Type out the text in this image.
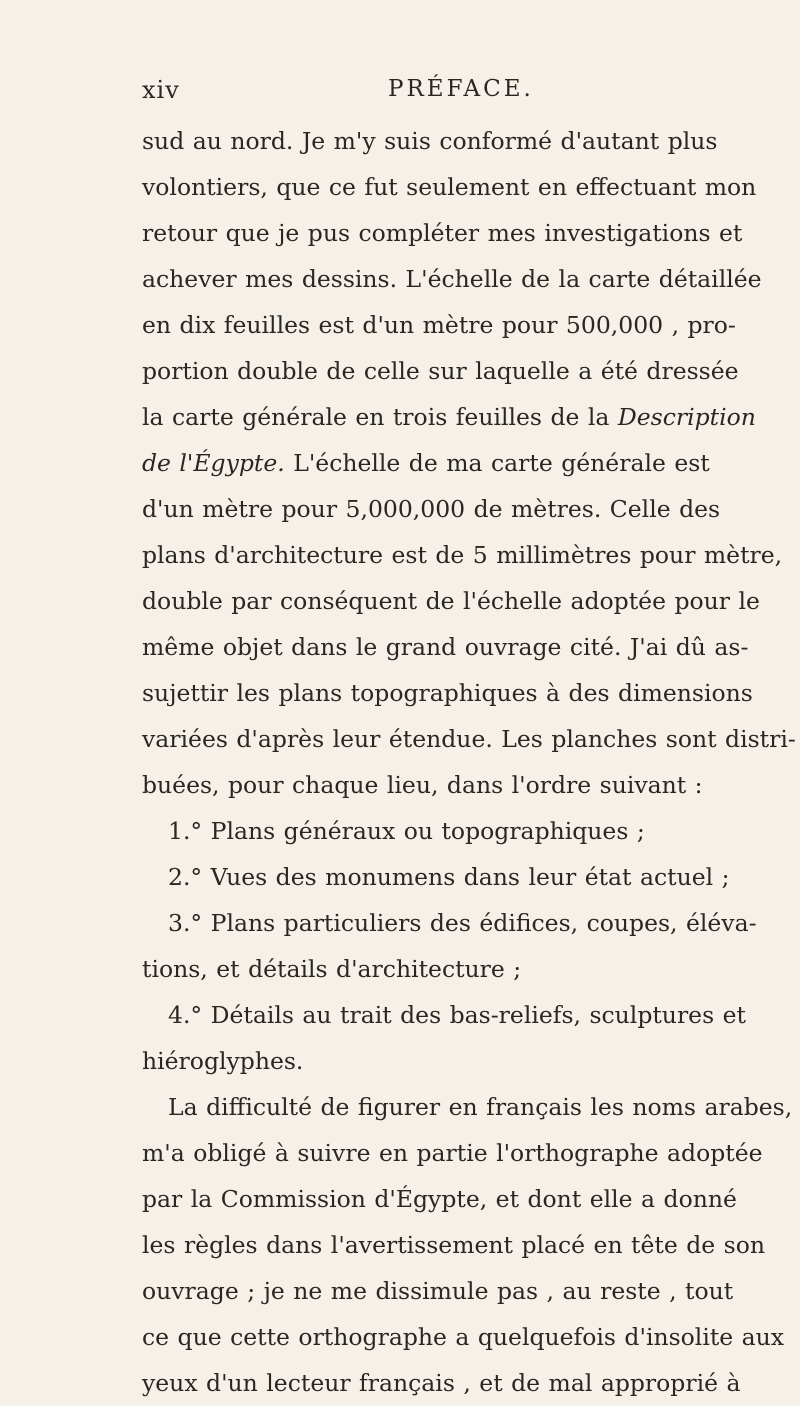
xiv	PRÉFACE.
sud au nord. Je m'y suis conformé d'autant plus
volontiers, que ce fut seulement en effectuant mon
retour que je pus compléter mes investigations et
achever mes dessins. L'échelle de la carte détaillée
en dix feuilles est d'un mètre pour 500,000 , pro-
portion double de celle sur laquelle a été dressée
la carte générale en trois feuilles de la Description
de l'Égypte. L'échelle de ma carte générale est
d'un mètre pour 5,000,000 de mètres. Celle des
plans d'architecture est de 5 millimètres pour mètre,
double par conséquent de l'échelle adoptée pour le
même objet dans le grand ouvrage cité. J'ai dû as-
sujettir les plans topographiques à des dimensions
variées d'après leur étendue. Les planches sont distri-
buées, pour chaque lieu, dans l'ordre suivant :
1.° Plans généraux ou topographiques ;
2.° Vues des monumens dans leur état actuel ;
3.° Plans particuliers des édifices, coupes, éléva-
tions, et détails d'architecture ;
4.° Détails au trait des bas-reliefs, sculptures et
hiéroglyphes.
La difficulté de figurer en français les noms arabes,
m'a obligé à suivre en partie l'orthographe adoptée
par la Commission d'Égypte, et dont elle a donné
les règles dans l'avertissement placé en tête de son
ouvrage ; je ne me dissimule pas , au reste , tout
ce que cette orthographe a quelquefois d'insolite aux
yeux d'un lecteur français , et de mal approprié à
